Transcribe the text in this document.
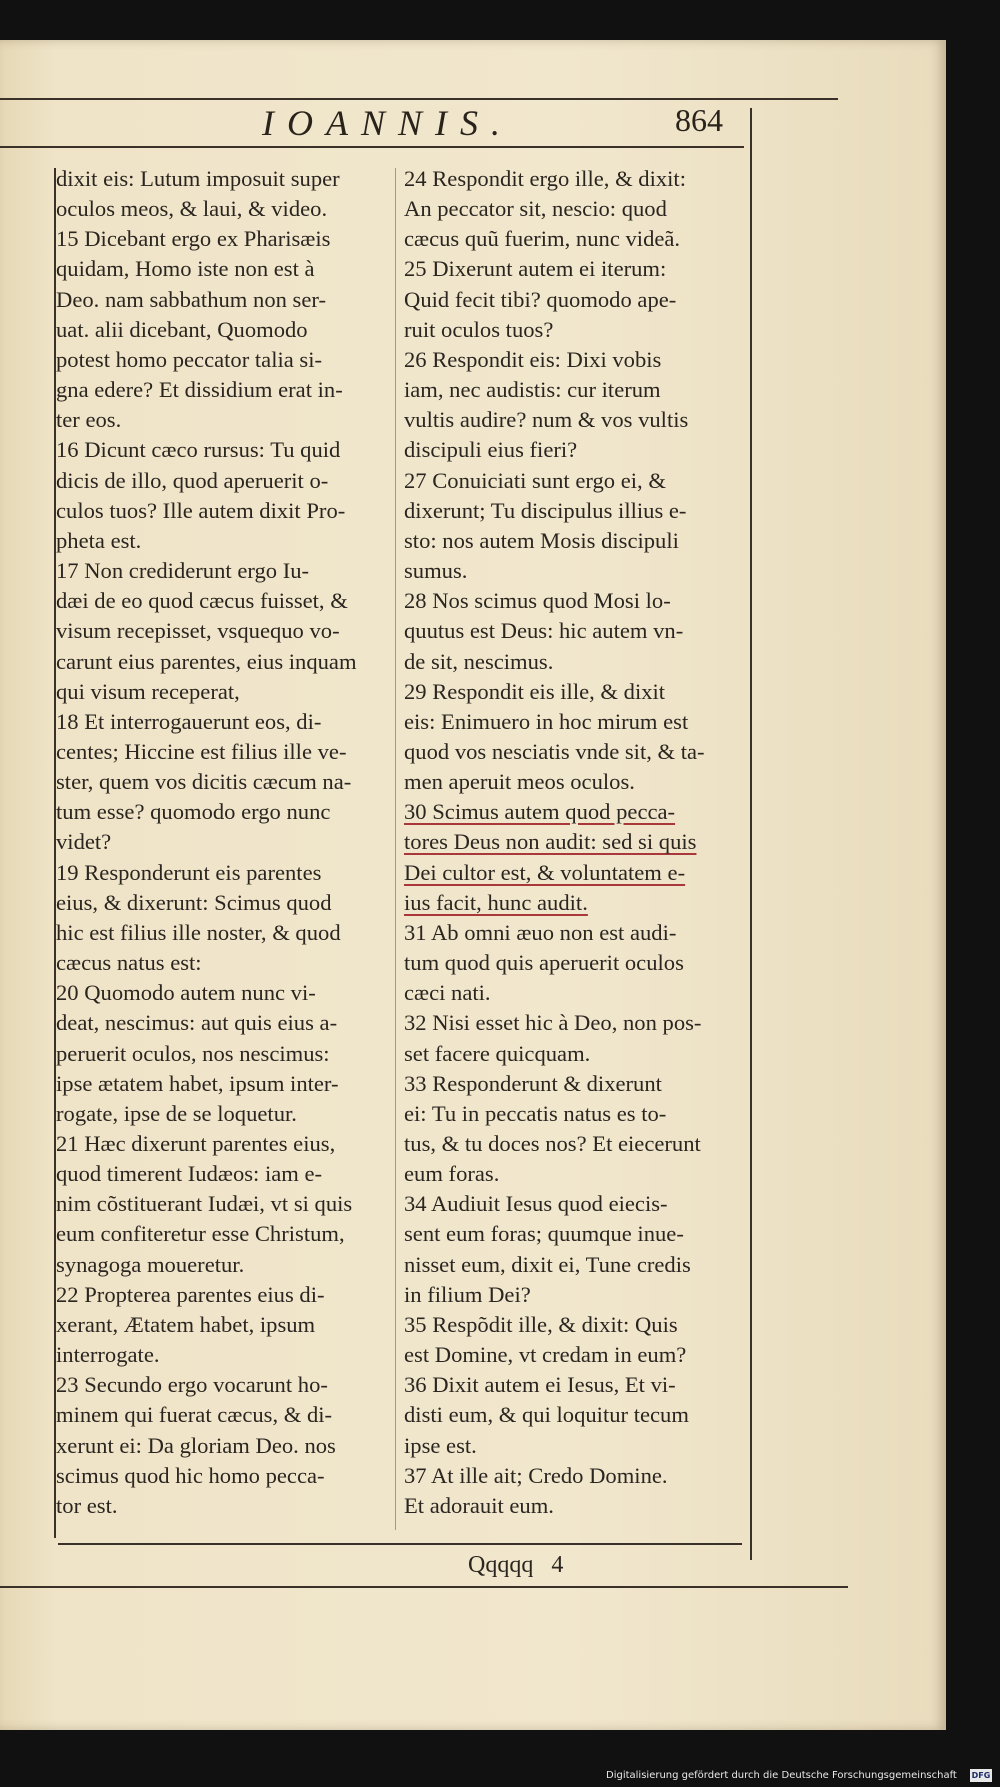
IOANNIS.	864
dixit eis: Lutum imposuit super
oculos meos, & laui, & video.
15 Dicebant ergo ex Pharisæis
quidam, Homo iste non est à
Deo. nam sabbathum non ser-
uat. alii dicebant, Quomodo
potest homo peccator talia si-
gna edere? Et dissidium erat in-
ter eos.
16 Dicunt cæco rursus: Tu quid
dicis de illo, quod aperuerit o-
culos tuos? Ille autem dixit Pro-
pheta est.
17 Non crediderunt ergo Iu-
dæi de eo quod cæcus fuisset, &
visum recepisset, vsquequo vo-
carunt eius parentes, eius inquam
qui visum receperat,
18 Et interrogauerunt eos, di-
centes; Hiccine est filius ille ve-
ster, quem vos dicitis cæcum na-
tum esse? quomodo ergo nunc
videt?
19 Responderunt eis parentes
eius, & dixerunt: Scimus quod
hic est filius ille noster, & quod
cæcus natus est:
20 Quomodo autem nunc vi-
deat, nescimus: aut quis eius a-
peruerit oculos, nos nescimus:
ipse ætatem habet, ipsum inter-
rogate, ipse de se loquetur.
21 Hæc dixerunt parentes eius,
quod timerent Iudæos: iam e-
nim cõstituerant Iudæi, vt si quis
eum confiteretur esse Christum,
synagoga moueretur.
22 Propterea parentes eius di-
xerant, Ætatem habet, ipsum
interrogate.
23 Secundo ergo vocarunt ho-
minem qui fuerat cæcus, & di-
xerunt ei: Da gloriam Deo. nos
scimus quod hic homo pecca-
tor est.
24 Respondit ergo ille, & dixit:
An peccator sit, nescio: quod
cæcus quũ fuerim, nunc videã.
25 Dixerunt autem ei iterum:
Quid fecit tibi? quomodo ape-
ruit oculos tuos?
26 Respondit eis: Dixi vobis
iam, nec audistis: cur iterum
vultis audire? num & vos vultis
discipuli eius fieri?
27 Conuiciati sunt ergo ei, &
dixerunt; Tu discipulus illius e-
sto: nos autem Mosis discipuli
sumus.
28 Nos scimus quod Mosi lo-
quutus est Deus: hic autem vn-
de sit, nescimus.
29 Respondit eis ille, & dixit
eis: Enimuero in hoc mirum est
quod vos nesciatis vnde sit, & ta-
men aperuit meos oculos.
30 Scimus autem quod pecca-
tores Deus non audit: sed si quis
Dei cultor est, & voluntatem e-
ius facit, hunc audit.
31 Ab omni æuo non est audi-
tum quod quis aperuerit oculos
cæci nati.
32 Nisi esset hic à Deo, non pos-
set facere quicquam.
33 Responderunt & dixerunt
ei: Tu in peccatis natus es to-
tus, & tu doces nos? Et eiecerunt
eum foras.
34 Audiuit Iesus quod eiecis-
sent eum foras; quumque inue-
nisset eum, dixit ei, Tune credis
in filium Dei?
35 Respõdit ille, & dixit: Quis
est Domine, vt credam in eum?
36 Dixit autem ei Iesus, Et vi-
disti eum, & qui loquitur tecum
ipse est.
37 At ille ait; Credo Domine.
Et adorauit eum.
Qqqqq   4
Digitalisierung gefördert durch die Deutsche Forschungsgemeinschaft DFG
